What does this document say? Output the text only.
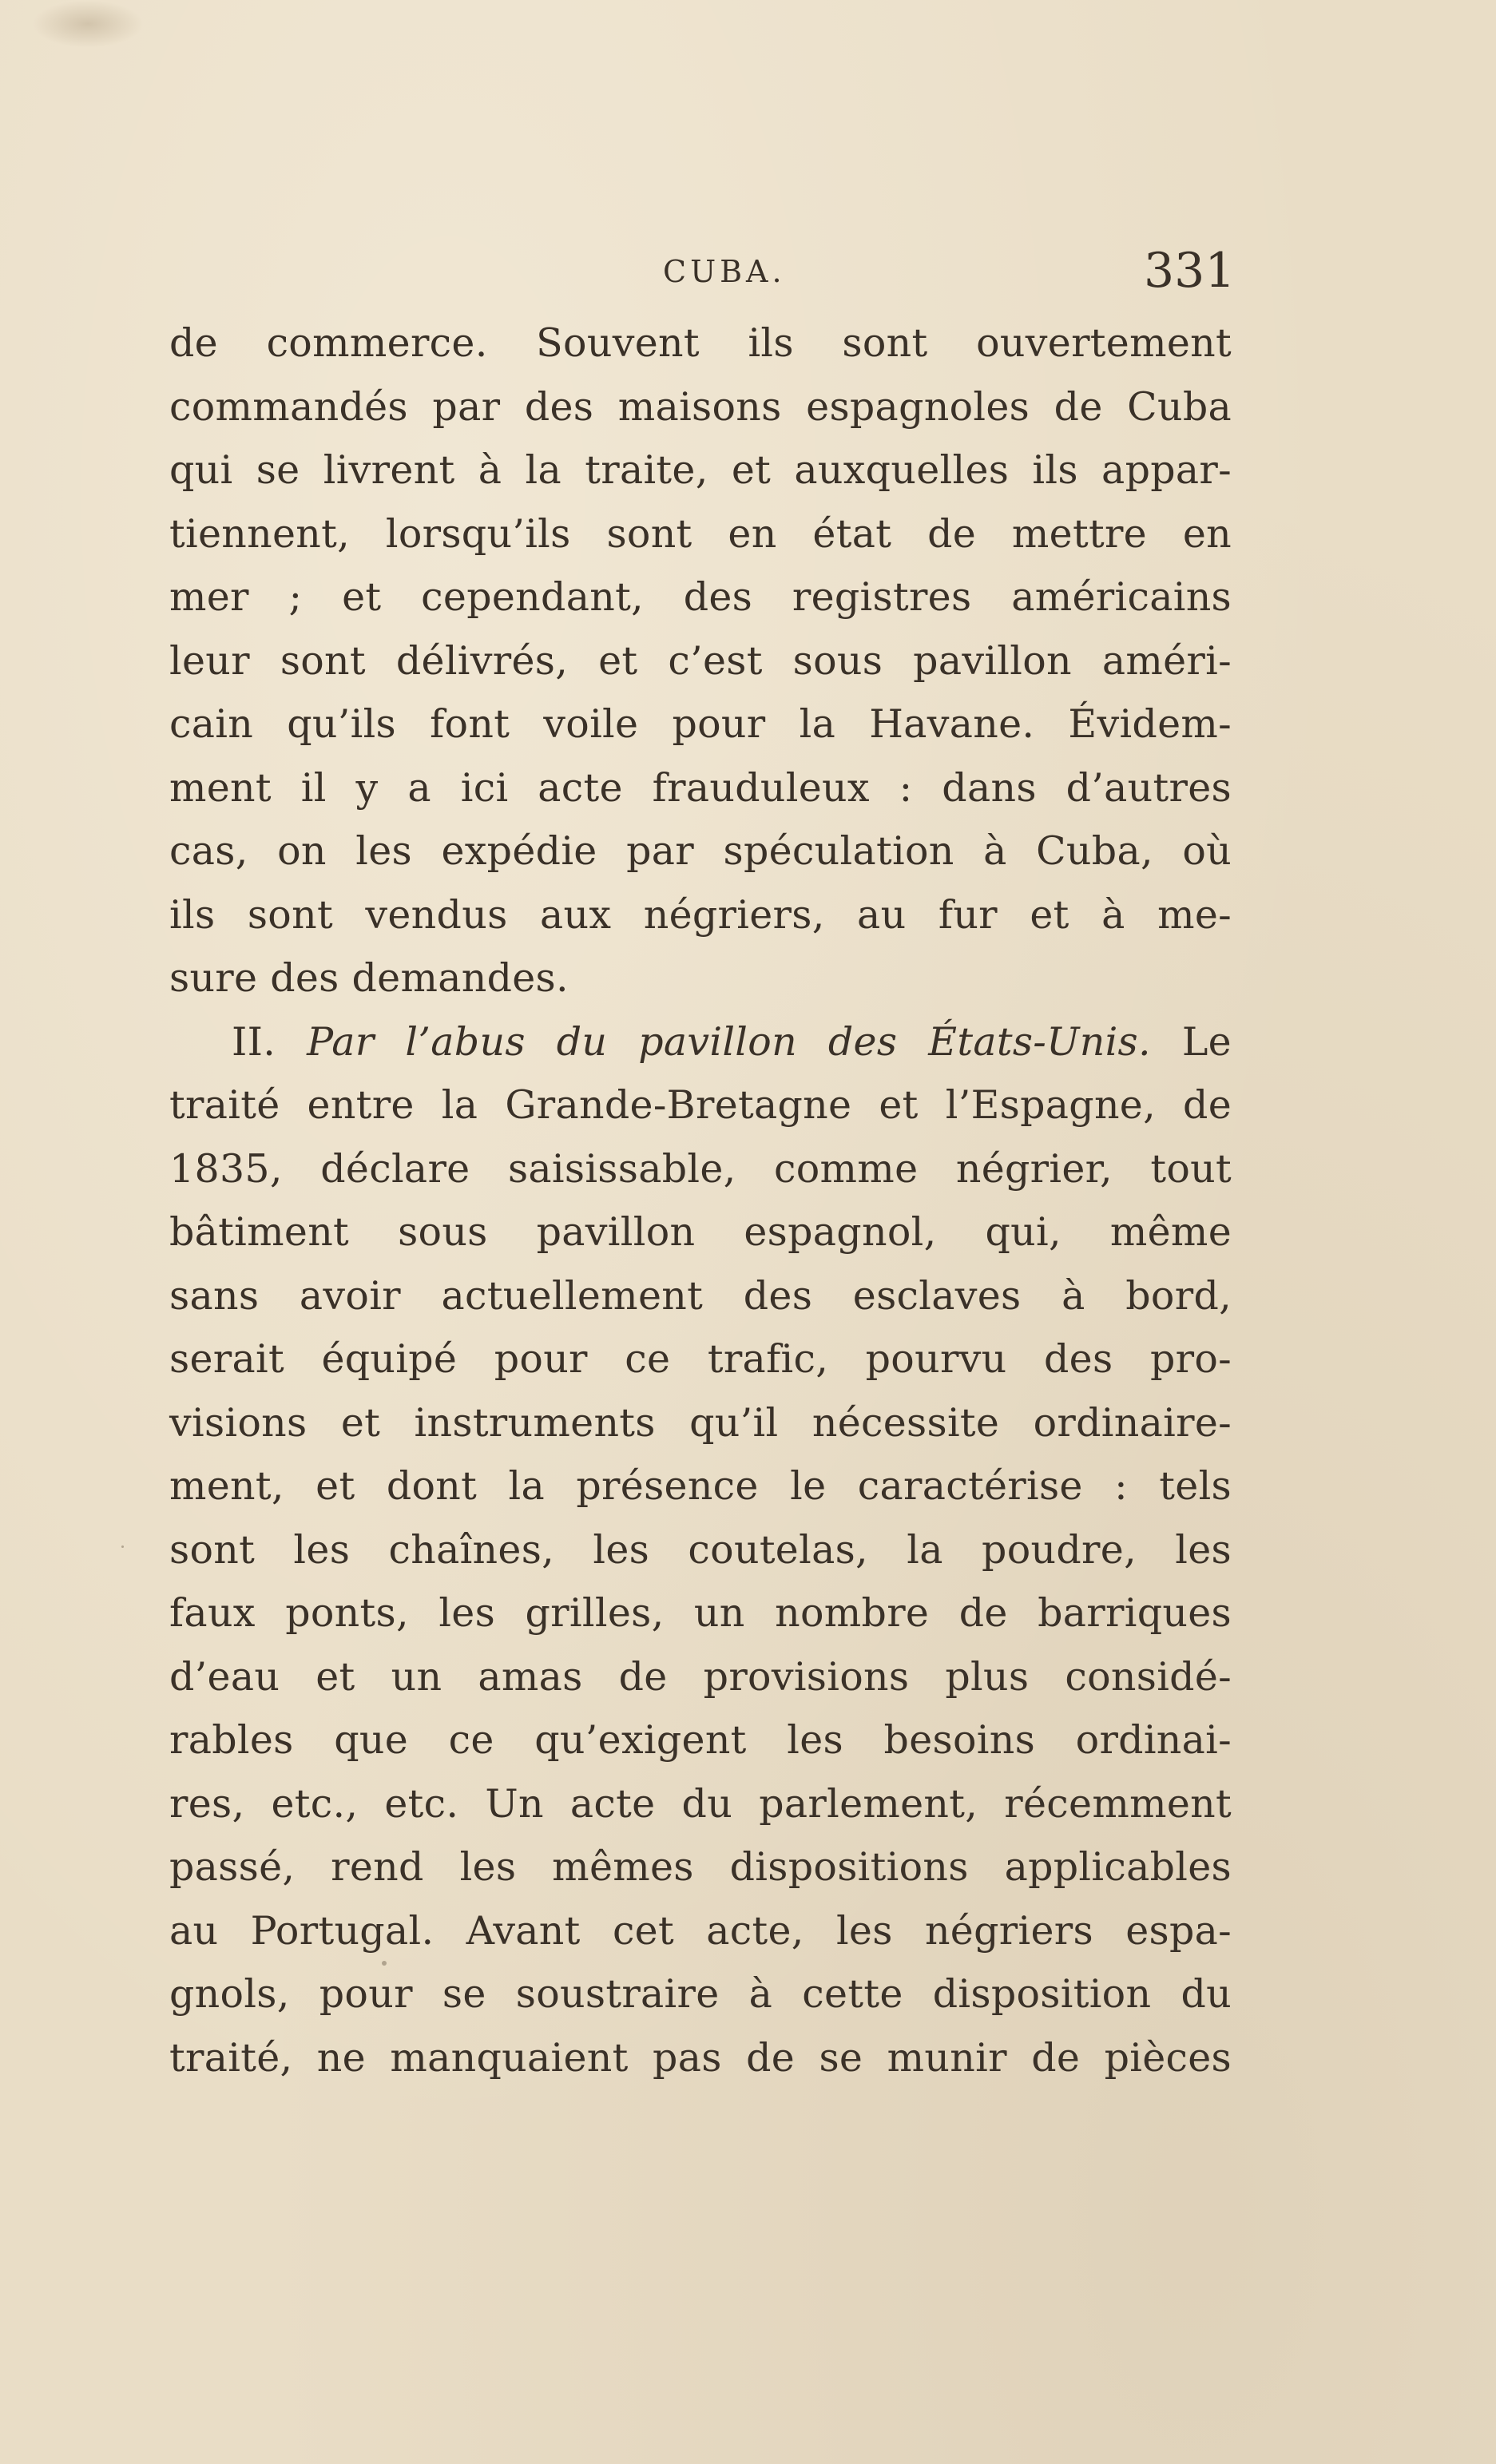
CUBA.	331
de commerce. Souvent ils sont ouvertement
commandés par des maisons espagnoles de Cuba
qui se livrent à la traite, et auxquelles ils appar-
tiennent, lorsqu’ils sont en état de mettre en
mer ; et cependant, des registres américains
leur sont délivrés, et c’est sous pavillon améri-
cain qu’ils font voile pour la Havane. Évidem-
ment il y a ici acte frauduleux : dans d’autres
cas, on les expédie par spéculation à Cuba, où
ils sont vendus aux négriers, au fur et à me-
sure des demandes.
II. Par l’abus du pavillon des États-Unis. Le
traité entre la Grande-Bretagne et l’Espagne, de
1835, déclare saisissable, comme négrier, tout
bâtiment sous pavillon espagnol, qui, même
sans avoir actuellement des esclaves à bord,
serait équipé pour ce trafic, pourvu des pro-
visions et instruments qu’il nécessite ordinaire-
ment, et dont la présence le caractérise : tels
sont les chaînes, les coutelas, la poudre, les
faux ponts, les grilles, un nombre de barriques
d’eau et un amas de provisions plus considé-
rables que ce qu’exigent les besoins ordinai-
res, etc., etc. Un acte du parlement, récemment
passé, rend les mêmes dispositions applicables
au Portugal. Avant cet acte, les négriers espa-
gnols, pour se soustraire à cette disposition du
traité, ne manquaient pas de se munir de pièces
